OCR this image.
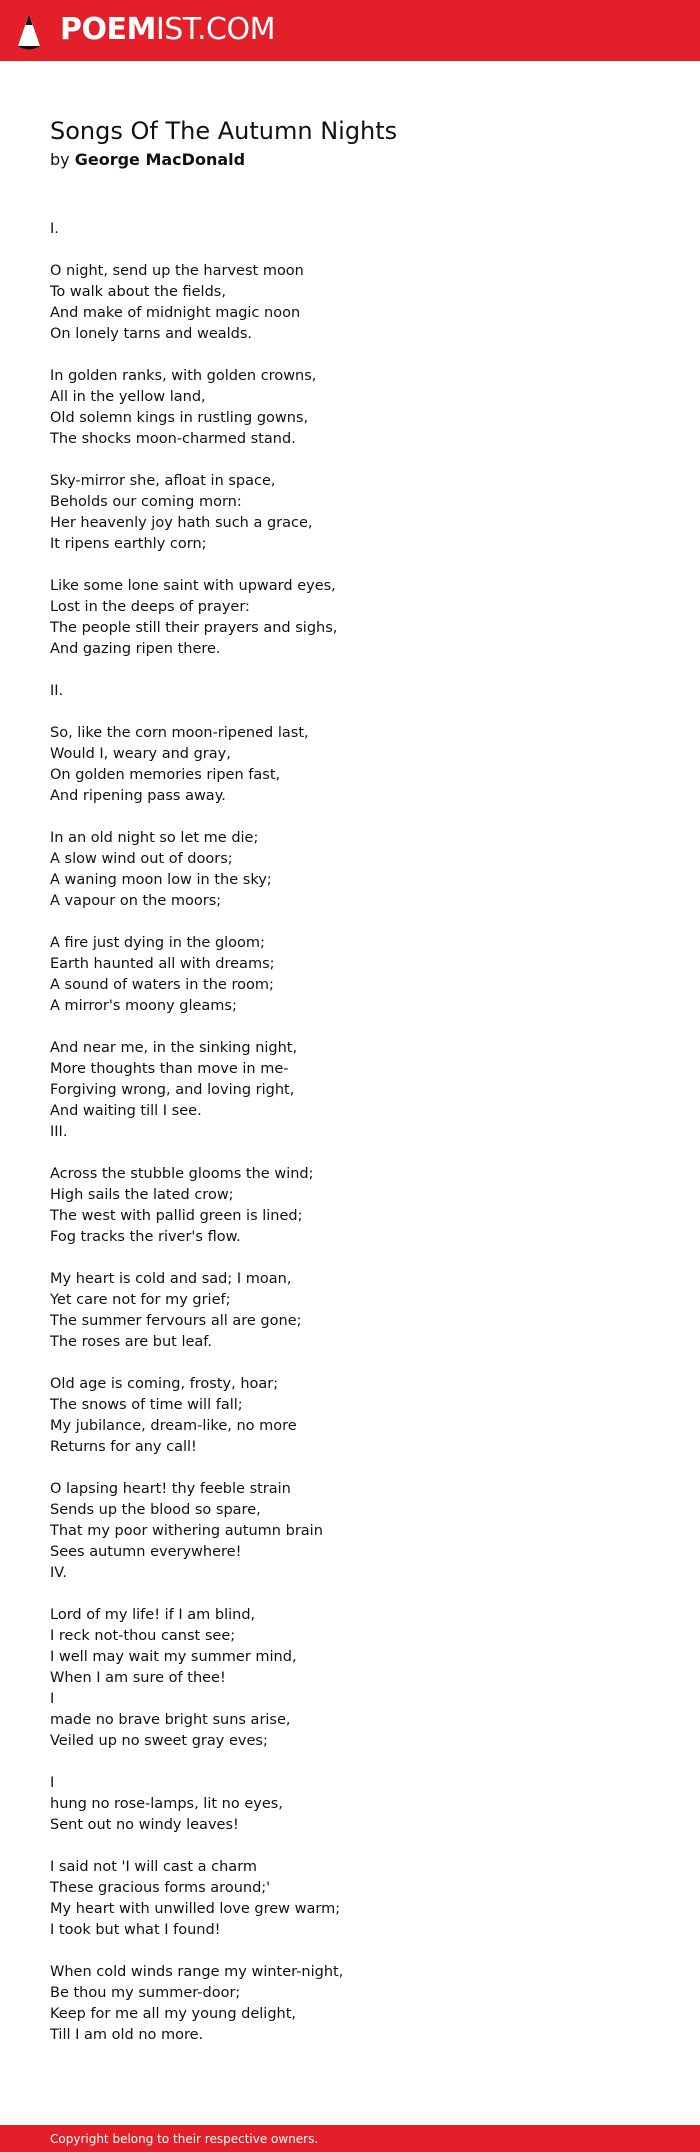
POEMIST.COM
Songs Of The Autumn Nights
by George MacDonald
I.
O night, send up the harvest moon
To walk about the fields,
And make of midnight magic noon
On lonely tarns and wealds.
In golden ranks, with golden crowns,
All in the yellow land,
Old solemn kings in rustling gowns,
The shocks moon-charmed stand.
Sky-mirror she, afloat in space,
Beholds our coming morn:
Her heavenly joy hath such a grace,
It ripens earthly corn;
Like some lone saint with upward eyes,
Lost in the deeps of prayer:
The people still their prayers and sighs,
And gazing ripen there.
II.
So, like the corn moon-ripened last,
Would I, weary and gray,
On golden memories ripen fast,
And ripening pass away.
In an old night so let me die;
A slow wind out of doors;
A waning moon low in the sky;
A vapour on the moors;
A fire just dying in the gloom;
Earth haunted all with dreams;
A sound of waters in the room;
A mirror's moony gleams;
And near me, in the sinking night,
More thoughts than move in me-
Forgiving wrong, and loving right,
And waiting till I see.
III.
Across the stubble glooms the wind;
High sails the lated crow;
The west with pallid green is lined;
Fog tracks the river's flow.
My heart is cold and sad; I moan,
Yet care not for my grief;
The summer fervours all are gone;
The roses are but leaf.
Old age is coming, frosty, hoar;
The snows of time will fall;
My jubilance, dream-like, no more
Returns for any call!
O lapsing heart! thy feeble strain
Sends up the blood so spare,
That my poor withering autumn brain
Sees autumn everywhere!
IV.
Lord of my life! if I am blind,
I reck not-thou canst see;
I well may wait my summer mind,
When I am sure of thee!
I
made no brave bright suns arise,
Veiled up no sweet gray eves;
I
hung no rose-lamps, lit no eyes,
Sent out no windy leaves!
I said not 'I will cast a charm
These gracious forms around;'
My heart with unwilled love grew warm;
I took but what I found!
When cold winds range my winter-night,
Be thou my summer-door;
Keep for me all my young delight,
Till I am old no more.
Copyright belong to their respective owners.
